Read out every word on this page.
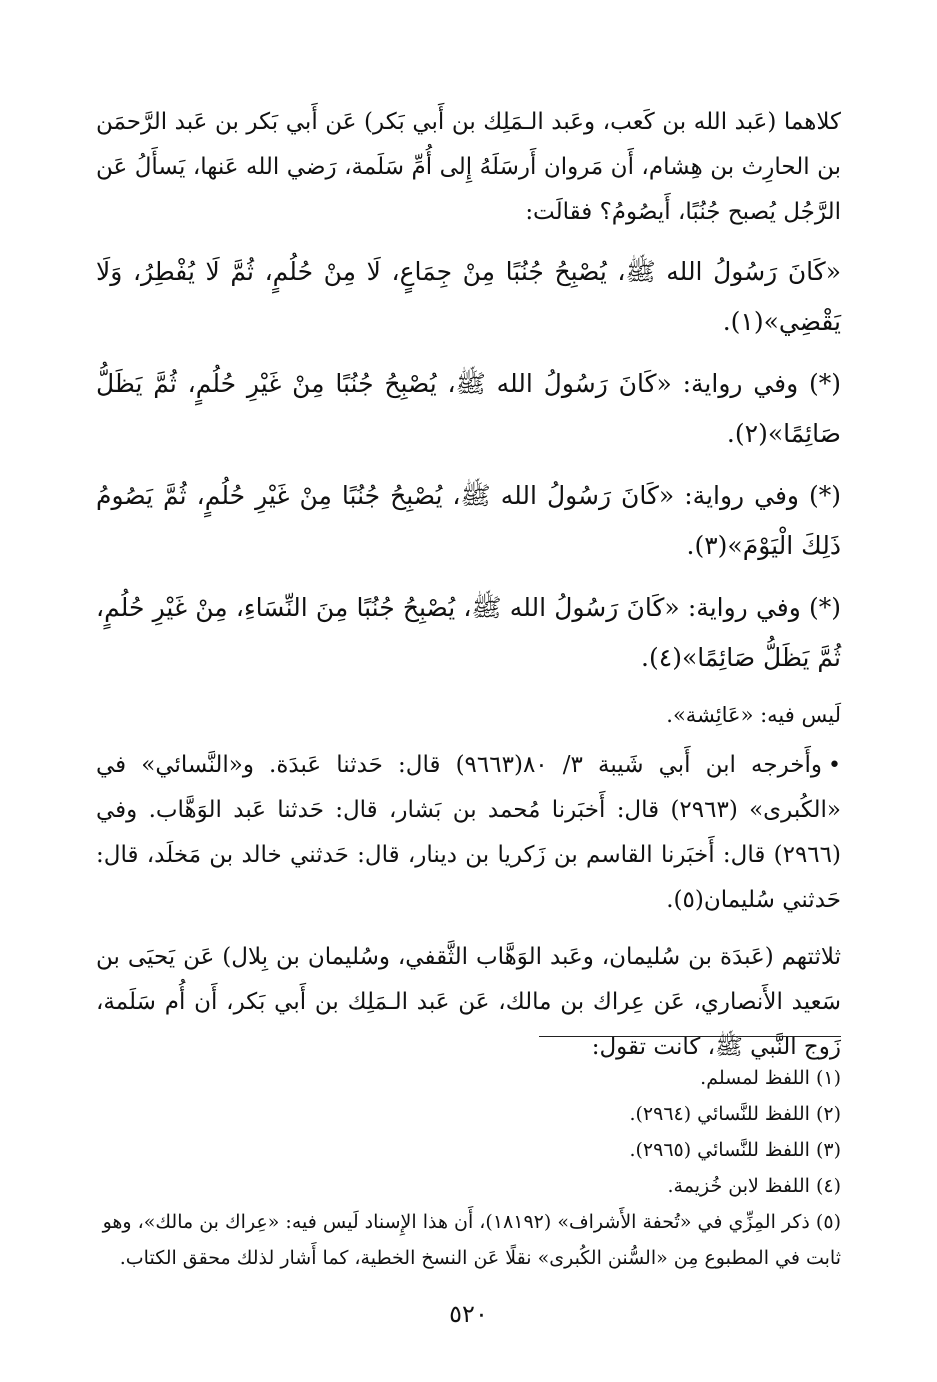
كلاهما (عَبد الله بن كَعب، وعَبد الـمَلِك بن أَبي بَكر) عَن أَبي بَكر بن عَبد الرَّحمَن بن الحارِث بن هِشام، أَن مَروان أَرسَلَهُ إِلى أُمِّ سَلَمة، رَضي الله عَنها، يَسأَلُ عَن الرَّجُل يُصبح جُنُبًا، أَيصُومُ؟ فقالَت:

«كَانَ رَسُولُ الله ﷺ، يُصْبِحُ جُنُبًا مِنْ جِمَاعٍ، لَا مِنْ حُلُمٍ، ثُمَّ لَا يُفْطِرُ، وَلَا يَقْضِي»(١).

(*) وفي رواية: «كَانَ رَسُولُ الله ﷺ، يُصْبِحُ جُنُبًا مِنْ غَيْرِ حُلُمٍ، ثُمَّ يَظَلُّ صَائِمًا»(٢).

(*) وفي رواية: «كَانَ رَسُولُ الله ﷺ، يُصْبِحُ جُنُبًا مِنْ غَيْرِ حُلُمٍ، ثُمَّ يَصُومُ ذَلِكَ الْيَوْمَ»(٣).

(*) وفي رواية: «كَانَ رَسُولُ الله ﷺ، يُصْبِحُ جُنُبًا مِنَ النِّسَاءِ، مِنْ غَيْرِ حُلُمٍ، ثُمَّ يَظَلُّ صَائِمًا»(٤).

لَيس فيه: «عَائِشة».

•وأَخرجه ابن أَبي شَيبة ٣/ ٨٠(٩٦٦٣) قال: حَدثنا عَبدَة. و«النَّسائي» في «الكُبرى» (٢٩٦٣) قال: أَخبَرنا مُحمد بن بَشار، قال: حَدثنا عَبد الوَهَّاب. وفي (٢٩٦٦) قال: أَخبَرنا القاسم بن زَكريا بن دينار، قال: حَدثني خالد بن مَخلَد، قال: حَدثني سُليمان(٥).

ثلاثتهم (عَبدَة بن سُليمان، وعَبد الوَهَّاب الثَّقفي، وسُليمان بن بِلال) عَن يَحيَى بن سَعيد الأَنصاري، عَن عِراك بن مالك، عَن عَبد الـمَلِك بن أَبي بَكر، أَن أُم سَلَمة، زَوج النَّبي ﷺ، كانت تقول:

(١) اللفظ لمسلم.

(٢) اللفظ للنَّسائي (٢٩٦٤).

(٣) اللفظ للنَّسائي (٢٩٦٥).

(٤) اللفظ لابن خُزيمة.

(٥) ذكر المِزِّي في «تُحفة الأَشراف» (١٨١٩٢)، أَن هذا الإِسناد لَيس فيه: «عِراك بن مالك»، وهو ثابت في المطبوع مِن «السُّنن الكُبرى» نقلًا عَن النسخ الخطية، كما أَشار لذلك محقق الكتاب.

٥٢٠
